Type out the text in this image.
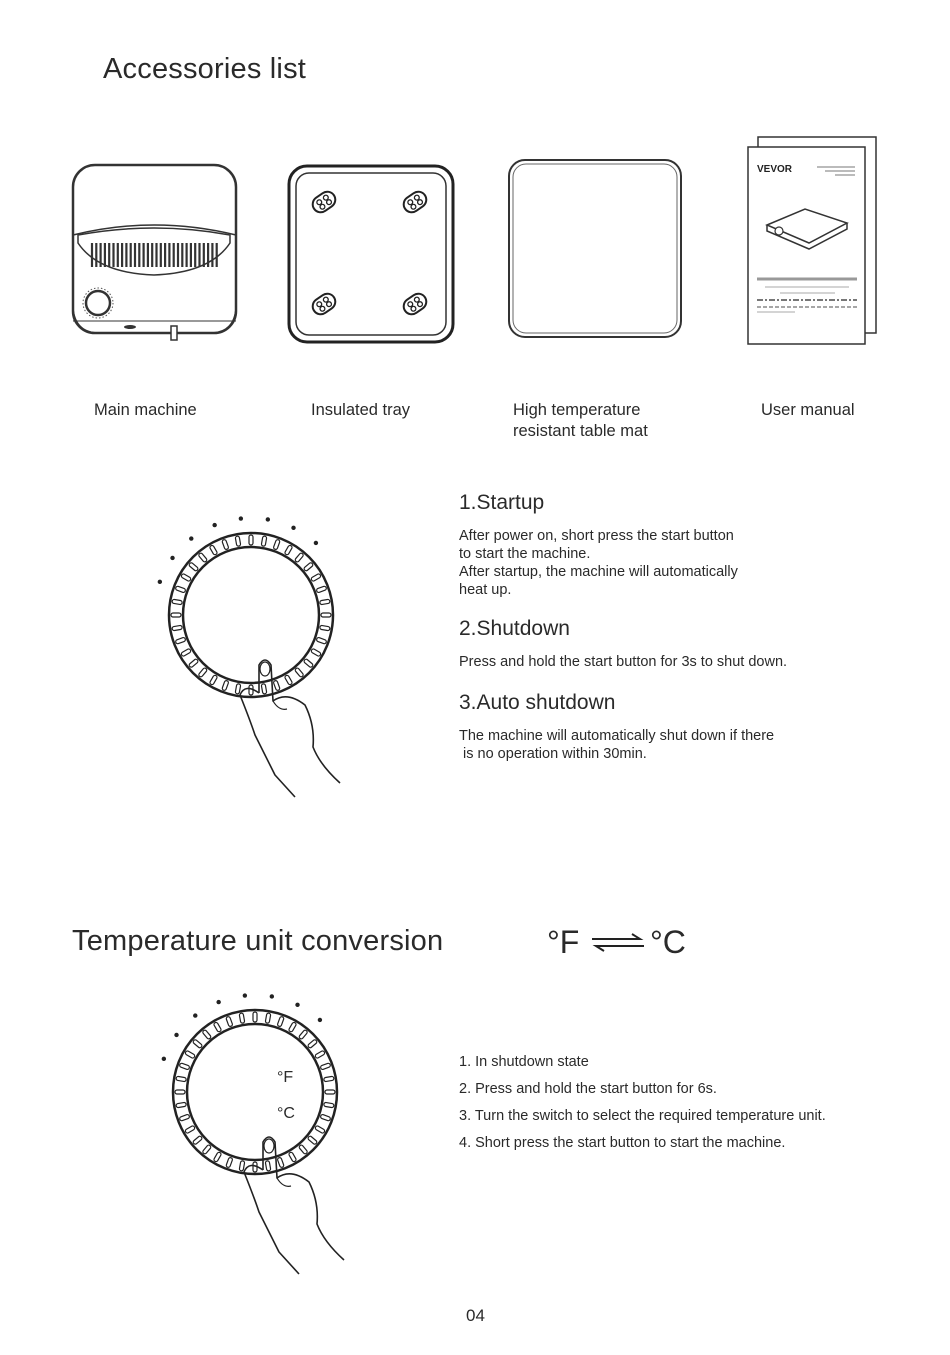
Accessories list
VEVOR
Main machine	Insulated tray	High temperature
resistant table mat
User manual
1.Startup
After power on, short press the start button
to start the machine.
After startup, the machine will automatically
heat up.
2.Shutdown
Press and hold the start button for 3s to shut down.
3.Auto shutdown
The machine will automatically shut down if there
is no operation within 30min.
Temperature unit conversion	°F °C
°F
°C
1. In shutdown state
2. Press and hold the start button for 6s.
3. Turn the switch to select the required temperature unit.
4. Short press the start button to start the machine.
04
